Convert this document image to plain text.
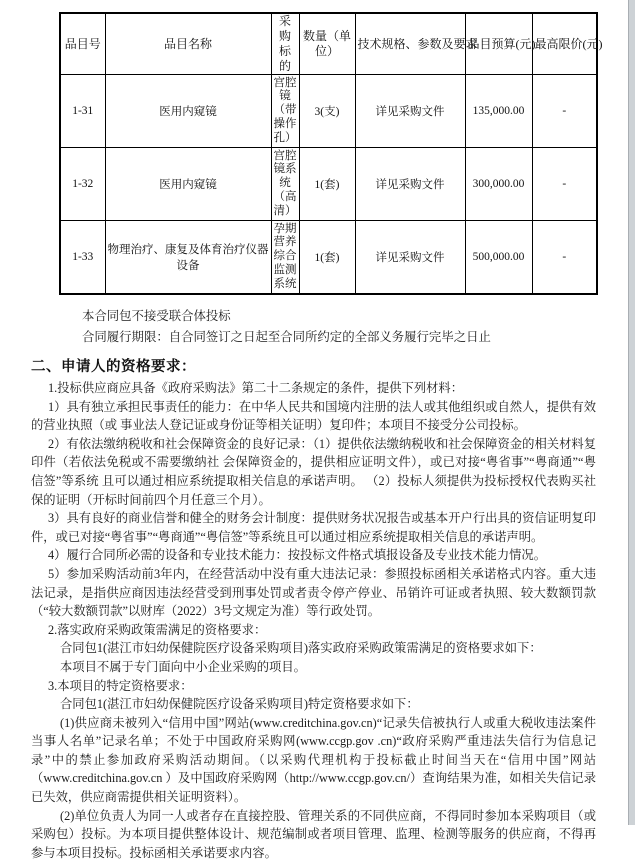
品目号	品目名称	采购标的	数量（单位）	技术规格、参数及要求	品目预算(元)	最高限价(元)
1-31	医用内窥镜	宫腔镜（带操作孔）	3(支)	详见采购文件	135,000.00	-
1-32	医用内窥镜	宫腔镜系统（高清）	1(套)	详见采购文件	300,000.00	-
1-33	物理治疗、康复及体育治疗仪器设备	孕期营养综合监测系统	1(套)	详见采购文件	500,000.00	-
本合同包不接受联合体投标
合同履行期限：自合同签订之日起至合同所约定的全部义务履行完毕之日止
二、申请人的资格要求：

1.投标供应商应具备《政府采购法》第二十二条规定的条件，提供下列材料：

1）具有独立承担民事责任的能力：在中华人民共和国境内注册的法人或其他组织或自然人，提供有效的营业执照（或 事业法人登记证或身份证等相关证明）复印件；本项目不接受分公司投标。

2）有依法缴纳税收和社会保障资金的良好记录：（1）提供依法缴纳税收和社会保障资金的相关材料复印件（若依法免税或不需要缴纳社 会保障资金的，提供相应证明文件），或已对接“粤省事”“粤商通”“粤信签”等系统 且可以通过相应系统提取相关信息的承诺声明。 （2）投标人须提供为投标授权代表购买社保的证明（开标时间前四个月任意三个月）。

3）具有良好的商业信誉和健全的财务会计制度：提供财务状况报告或基本开户行出具的资信证明复印件，或已对接“粤省事”“粤商通”“粤信签”等系统且可以通过相应系统提取相关信息的承诺声明。

4）履行合同所必需的设备和专业技术能力：按投标文件格式填报设备及专业技术能力情况。

5）参加采购活动前3年内，在经营活动中没有重大违法记录：参照投标函相关承诺格式内容。重大违法记录，是指供应商因违法经营受到刑事处罚或者责令停产停业、吊销许可证或者执照、较大数额罚款（“较大数额罚款”以财库（2022）3号文规定为准）等行政处罚。

2.落实政府采购政策需满足的资格要求：

合同包1(湛江市妇幼保健院医疗设备采购项目)落实政府采购政策需满足的资格要求如下：

本项目不属于专门面向中小企业采购的项目。

3.本项目的特定资格要求：

合同包1(湛江市妇幼保健院医疗设备采购项目)特定资格要求如下：

(1)供应商未被列入“信用中国”网站(www.creditchina.gov.cn)“记录失信被执行人或重大税收违法案件当事人名单”记录名单；不处于中国政府采购网(www.ccgp.gov .cn)“政府采购严重违法失信行为信息记录”中的禁止参加政府采购活动期间。（以采购代理机构于投标截止时间当天在“信用中国”网站（www.creditchina.gov.cn ）及中国政府采购网（http://www.ccgp.gov.cn/）查询结果为准，如相关失信记录已失效，供应商需提供相关证明资料）。

(2)单位负责人为同一人或者存在直接控股、管理关系的不同供应商，不得同时参加本采购项目（或采购包）投标。为本项目提供整体设计、规范编制或者项目管理、监理、检测等服务的供应商，不得再参与本项目投标。投标函相关承诺要求内容。
